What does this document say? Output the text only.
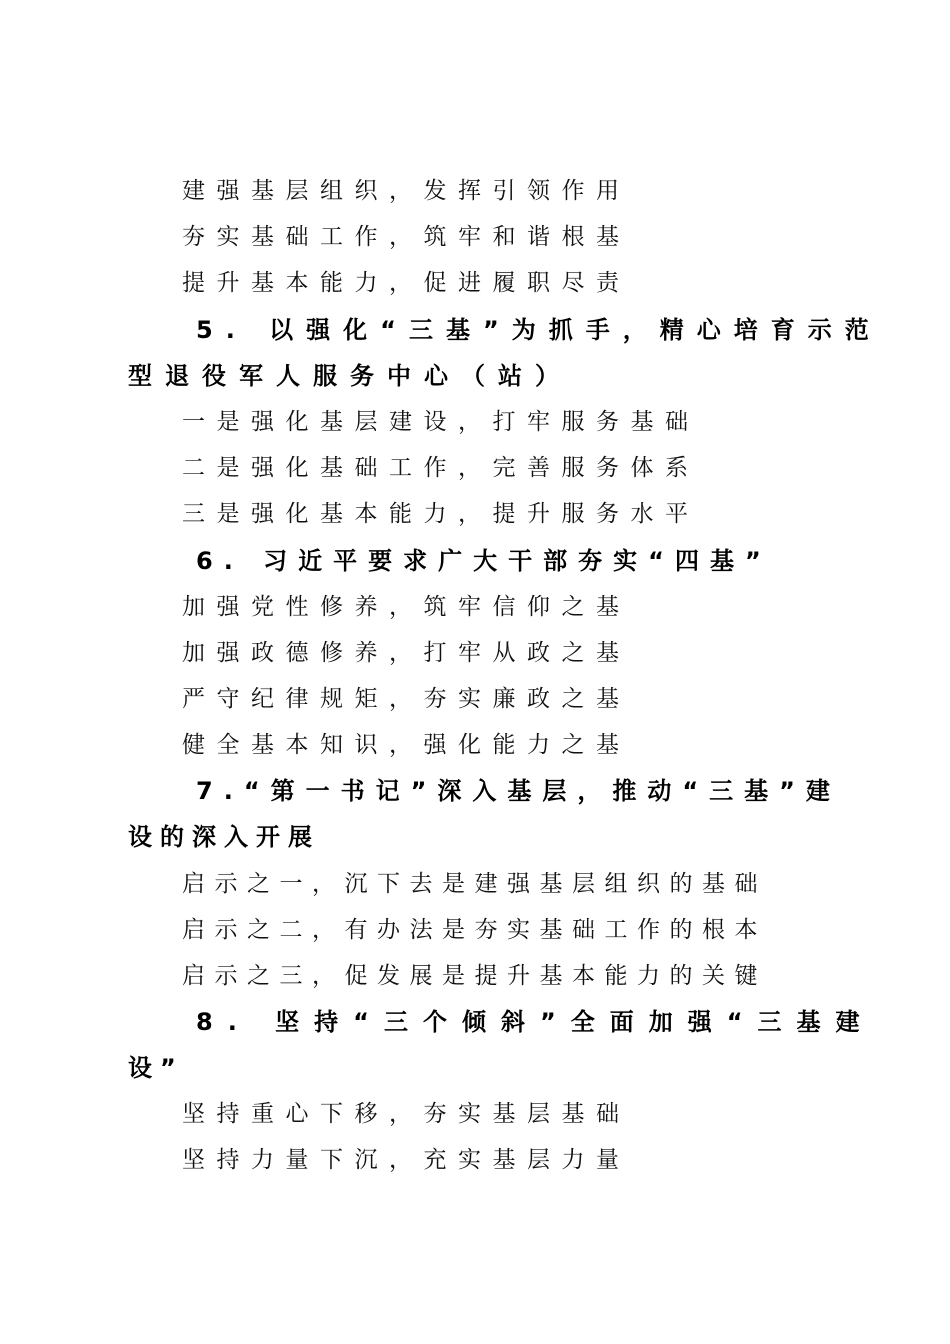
建强基层组织，发挥引领作用
夯实基础工作，筑牢和谐根基
提升基本能力，促进履职尽责
5. 以强化“三基”为抓手，精心培育示范
型退役军人服务中心（站）
一是强化基层建设，打牢服务基础
二是强化基础工作，完善服务体系
三是强化基本能力，提升服务水平
6. 习近平要求广大干部夯实“四基”
加强党性修养，筑牢信仰之基
加强政德修养，打牢从政之基
严守纪律规矩，夯实廉政之基
健全基本知识，强化能力之基
7.“第一书记”深入基层，推动“三基”建
设的深入开展
启示之一，沉下去是建强基层组织的基础
启示之二，有办法是夯实基础工作的根本
启示之三，促发展是提升基本能力的关键
8. 坚持“三个倾斜”全面加强“三基建
设”
坚持重心下移，夯实基层基础
坚持力量下沉，充实基层力量
